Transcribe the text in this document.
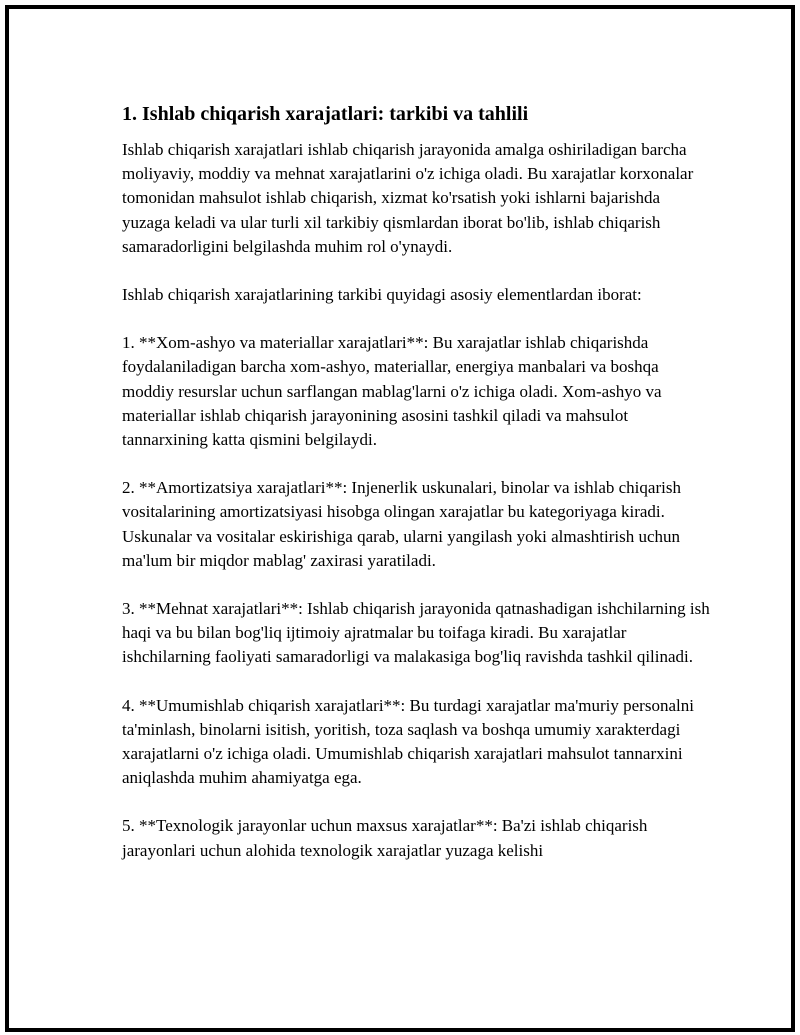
1. Ishlab chiqarish xarajatlari: tarkibi va tahlili

Ishlab chiqarish xarajatlari ishlab chiqarish jarayonida amalga oshiriladigan barcha moliyaviy, moddiy va mehnat xarajatlarini o'z ichiga oladi. Bu xarajatlar korxonalar tomonidan mahsulot ishlab chiqarish, xizmat ko'rsatish yoki ishlarni bajarishda yuzaga keladi va ular turli xil tarkibiy qismlardan iborat bo'lib, ishlab chiqarish samaradorligini belgilashda muhim rol o'ynaydi.

Ishlab chiqarish xarajatlarining tarkibi quyidagi asosiy elementlardan iborat:

1. **Xom-ashyo va materiallar xarajatlari**: Bu xarajatlar ishlab chiqarishda foydalaniladigan barcha xom-ashyo, materiallar, energiya manbalari va boshqa moddiy resurslar uchun sarflangan mablag'larni o'z ichiga oladi. Xom-ashyo va materiallar ishlab chiqarish jarayonining asosini tashkil qiladi va mahsulot tannarxining katta qismini belgilaydi.

2. **Amortizatsiya xarajatlari**: Injenerlik uskunalari, binolar va ishlab chiqarish vositalarining amortizatsiyasi hisobga olingan xarajatlar bu kategoriyaga kiradi. Uskunalar va vositalar eskirishiga qarab, ularni yangilash yoki almashtirish uchun ma'lum bir miqdor mablag' zaxirasi yaratiladi.

3. **Mehnat xarajatlari**: Ishlab chiqarish jarayonida qatnashadigan ishchilarning ish haqi va bu bilan bog'liq ijtimoiy ajratmalar bu toifaga kiradi. Bu xarajatlar ishchilarning faoliyati samaradorligi va malakasiga bog'liq ravishda tashkil qilinadi.

4. **Umumishlab chiqarish xarajatlari**: Bu turdagi xarajatlar ma'muriy personalni ta'minlash, binolarni isitish, yoritish, toza saqlash va boshqa umumiy xarakterdagi xarajatlarni o'z ichiga oladi. Umumishlab chiqarish xarajatlari mahsulot tannarxini aniqlashda muhim ahamiyatga ega.

5. **Texnologik jarayonlar uchun maxsus xarajatlar**: Ba'zi ishlab chiqarish jarayonlari uchun alohida texnologik xarajatlar yuzaga kelishi
